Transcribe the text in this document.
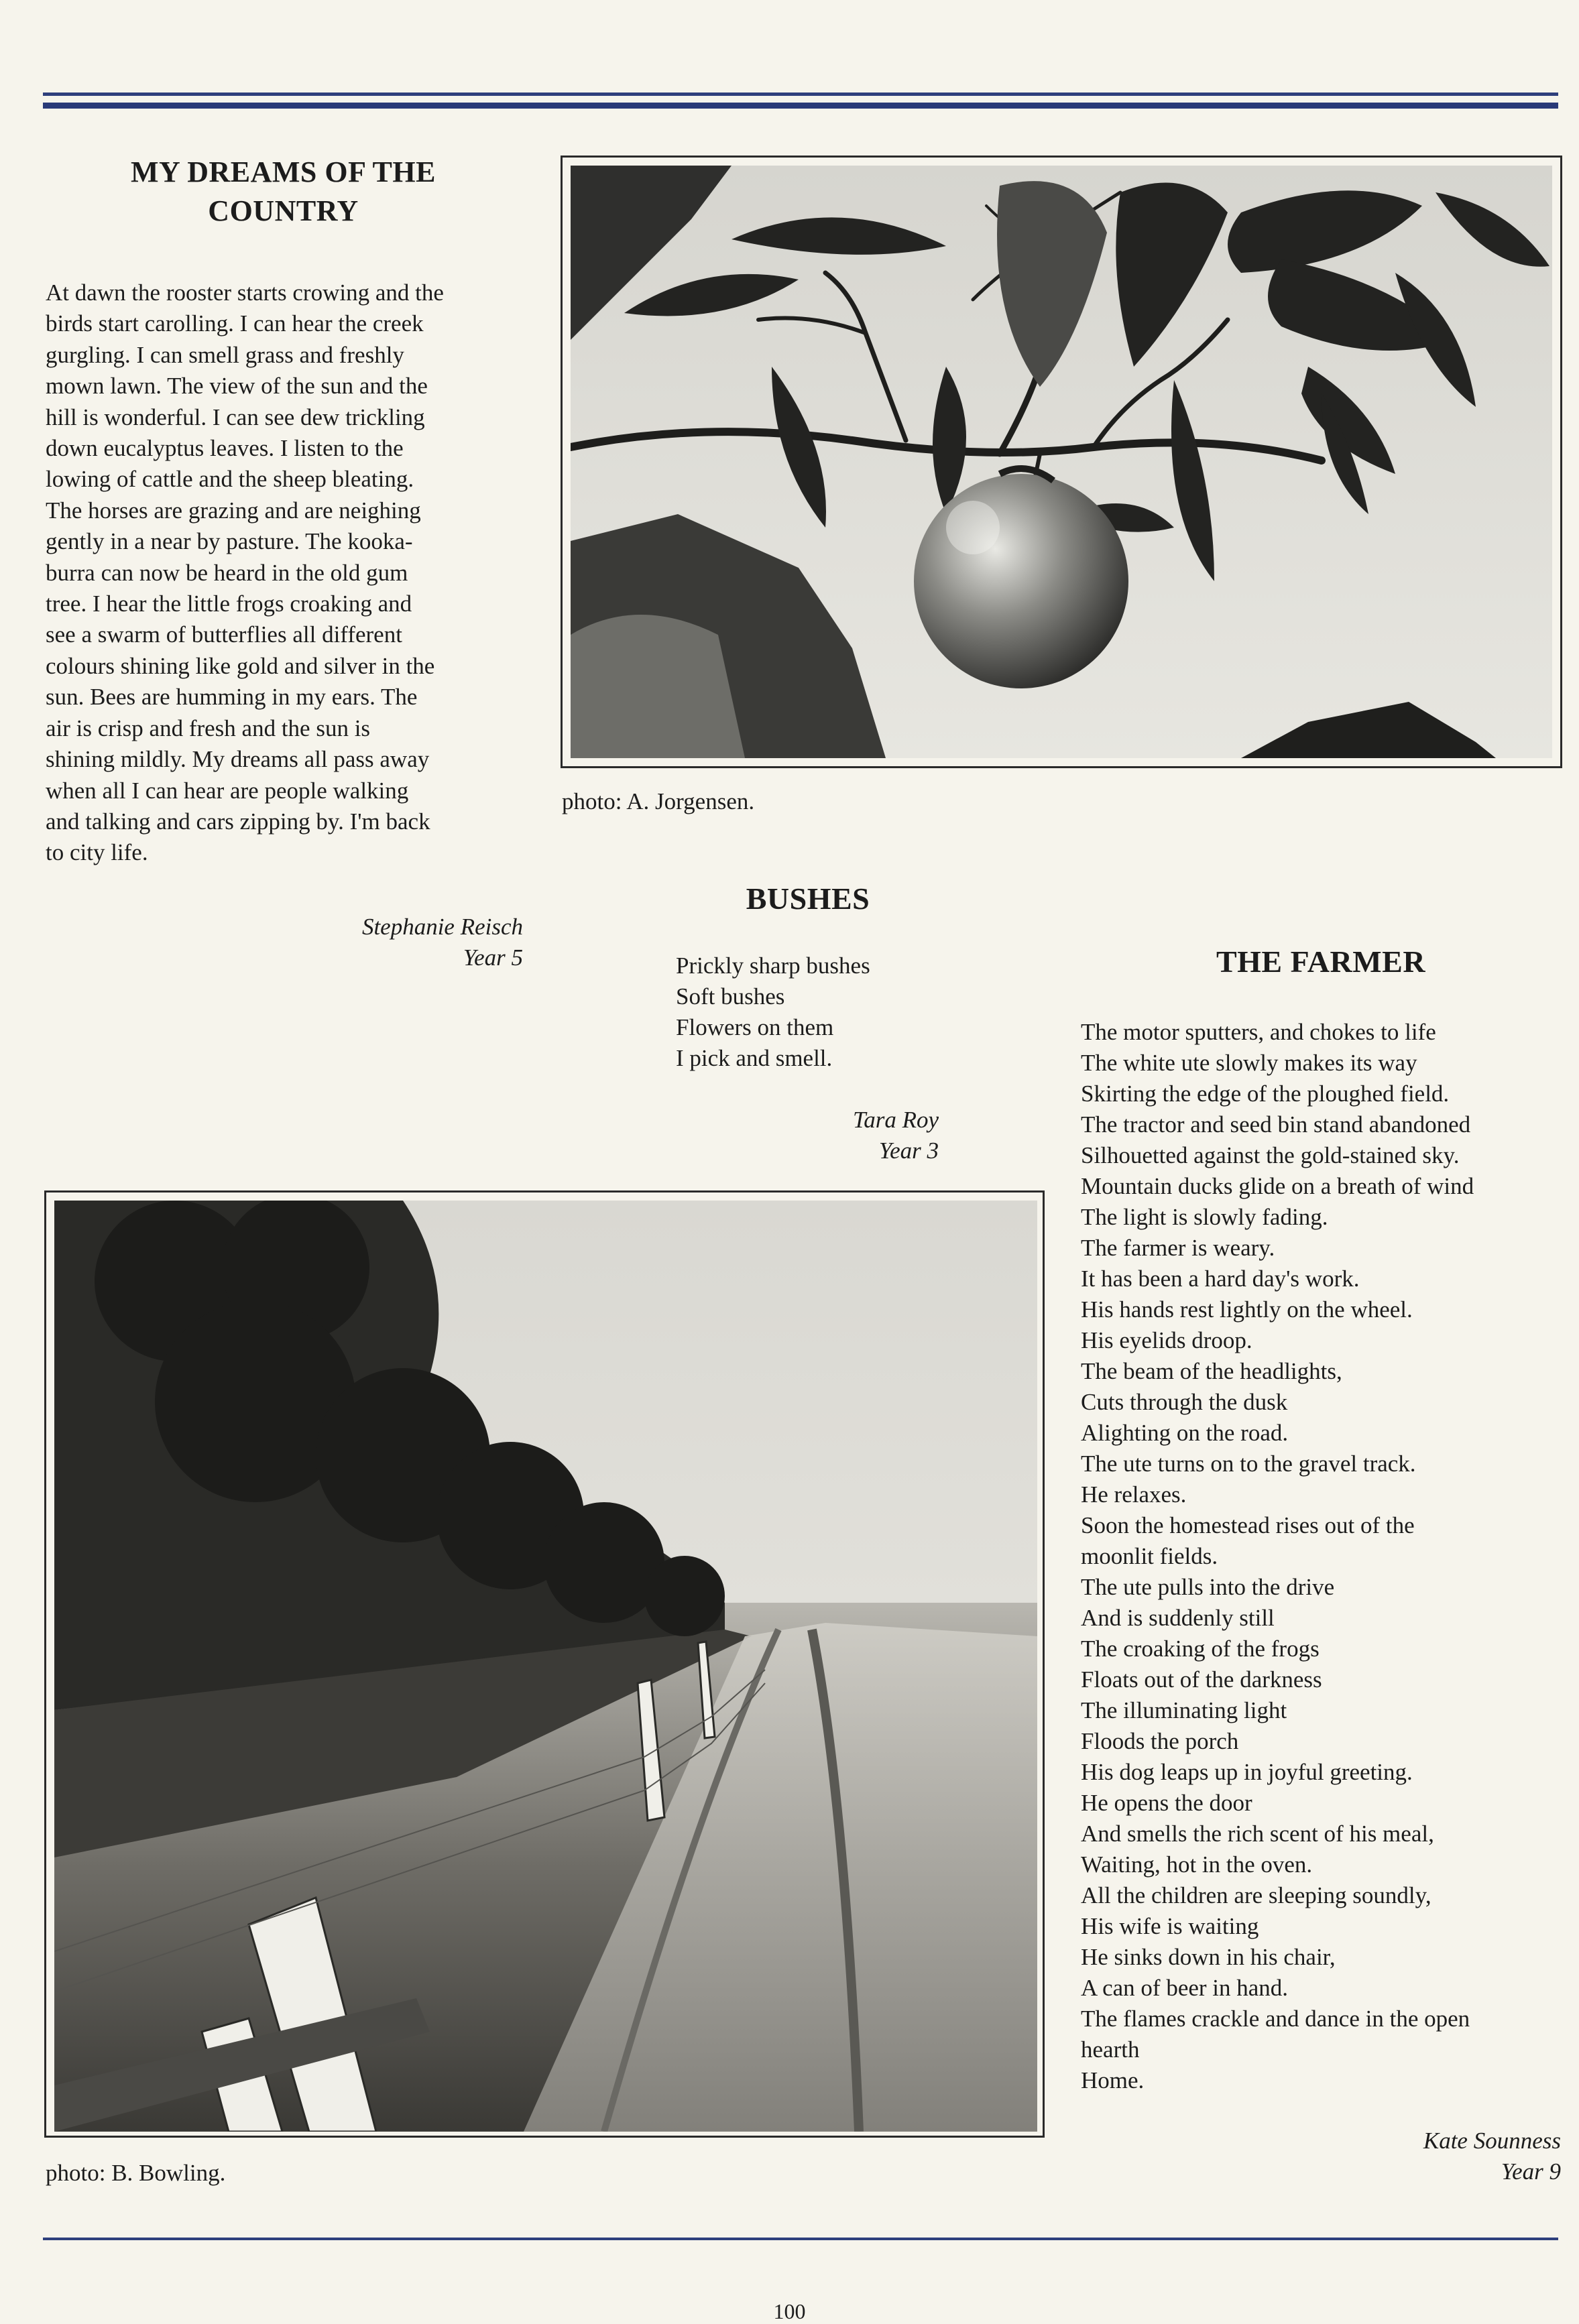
MY DREAMS OF THE COUNTRY
At dawn the rooster starts crowing and the
birds start carolling. I can hear the creek
gurgling. I can smell grass and freshly
mown lawn. The view of the sun and the
hill is wonderful. I can see dew trickling
down eucalyptus leaves. I listen to the
lowing of cattle and the sheep bleating.
The horses are grazing and are neighing
gently in a near by pasture. The kooka-
burra can now be heard in the old gum
tree. I hear the little frogs croaking and
see a swarm of butterflies all different
colours shining like gold and silver in the
sun. Bees are humming in my ears. The
air is crisp and fresh and the sun is
shining mildly. My dreams all pass away
when all I can hear are people walking
and talking and cars zipping by. I'm back
to city life.
Stephanie Reisch
Year 5
photo: A. Jorgensen.
BUSHES
Prickly sharp bushes
Soft bushes
Flowers on them
I pick and smell.
Tara Roy
Year 3
THE FARMER
The motor sputters, and chokes to life
The white ute slowly makes its way
Skirting the edge of the ploughed field.
The tractor and seed bin stand abandoned
Silhouetted against the gold-stained sky.
Mountain ducks glide on a breath of wind
The light is slowly fading.
The farmer is weary.
It has been a hard day's work.
His hands rest lightly on the wheel.
His eyelids droop.
The beam of the headlights,
Cuts through the dusk
Alighting on the road.
The ute turns on to the gravel track.
He relaxes.
Soon the homestead rises out of the
moonlit fields.
The ute pulls into the drive
And is suddenly still
The croaking of the frogs
Floats out of the darkness
The illuminating light
Floods the porch
His dog leaps up in joyful greeting.
He opens the door
And smells the rich scent of his meal,
Waiting, hot in the oven.
All the children are sleeping soundly,
His wife is waiting
He sinks down in his chair,
A can of beer in hand.
The flames crackle and dance in the open
hearth
Home.
Kate Sounness
Year 9
photo: B. Bowling.
100
